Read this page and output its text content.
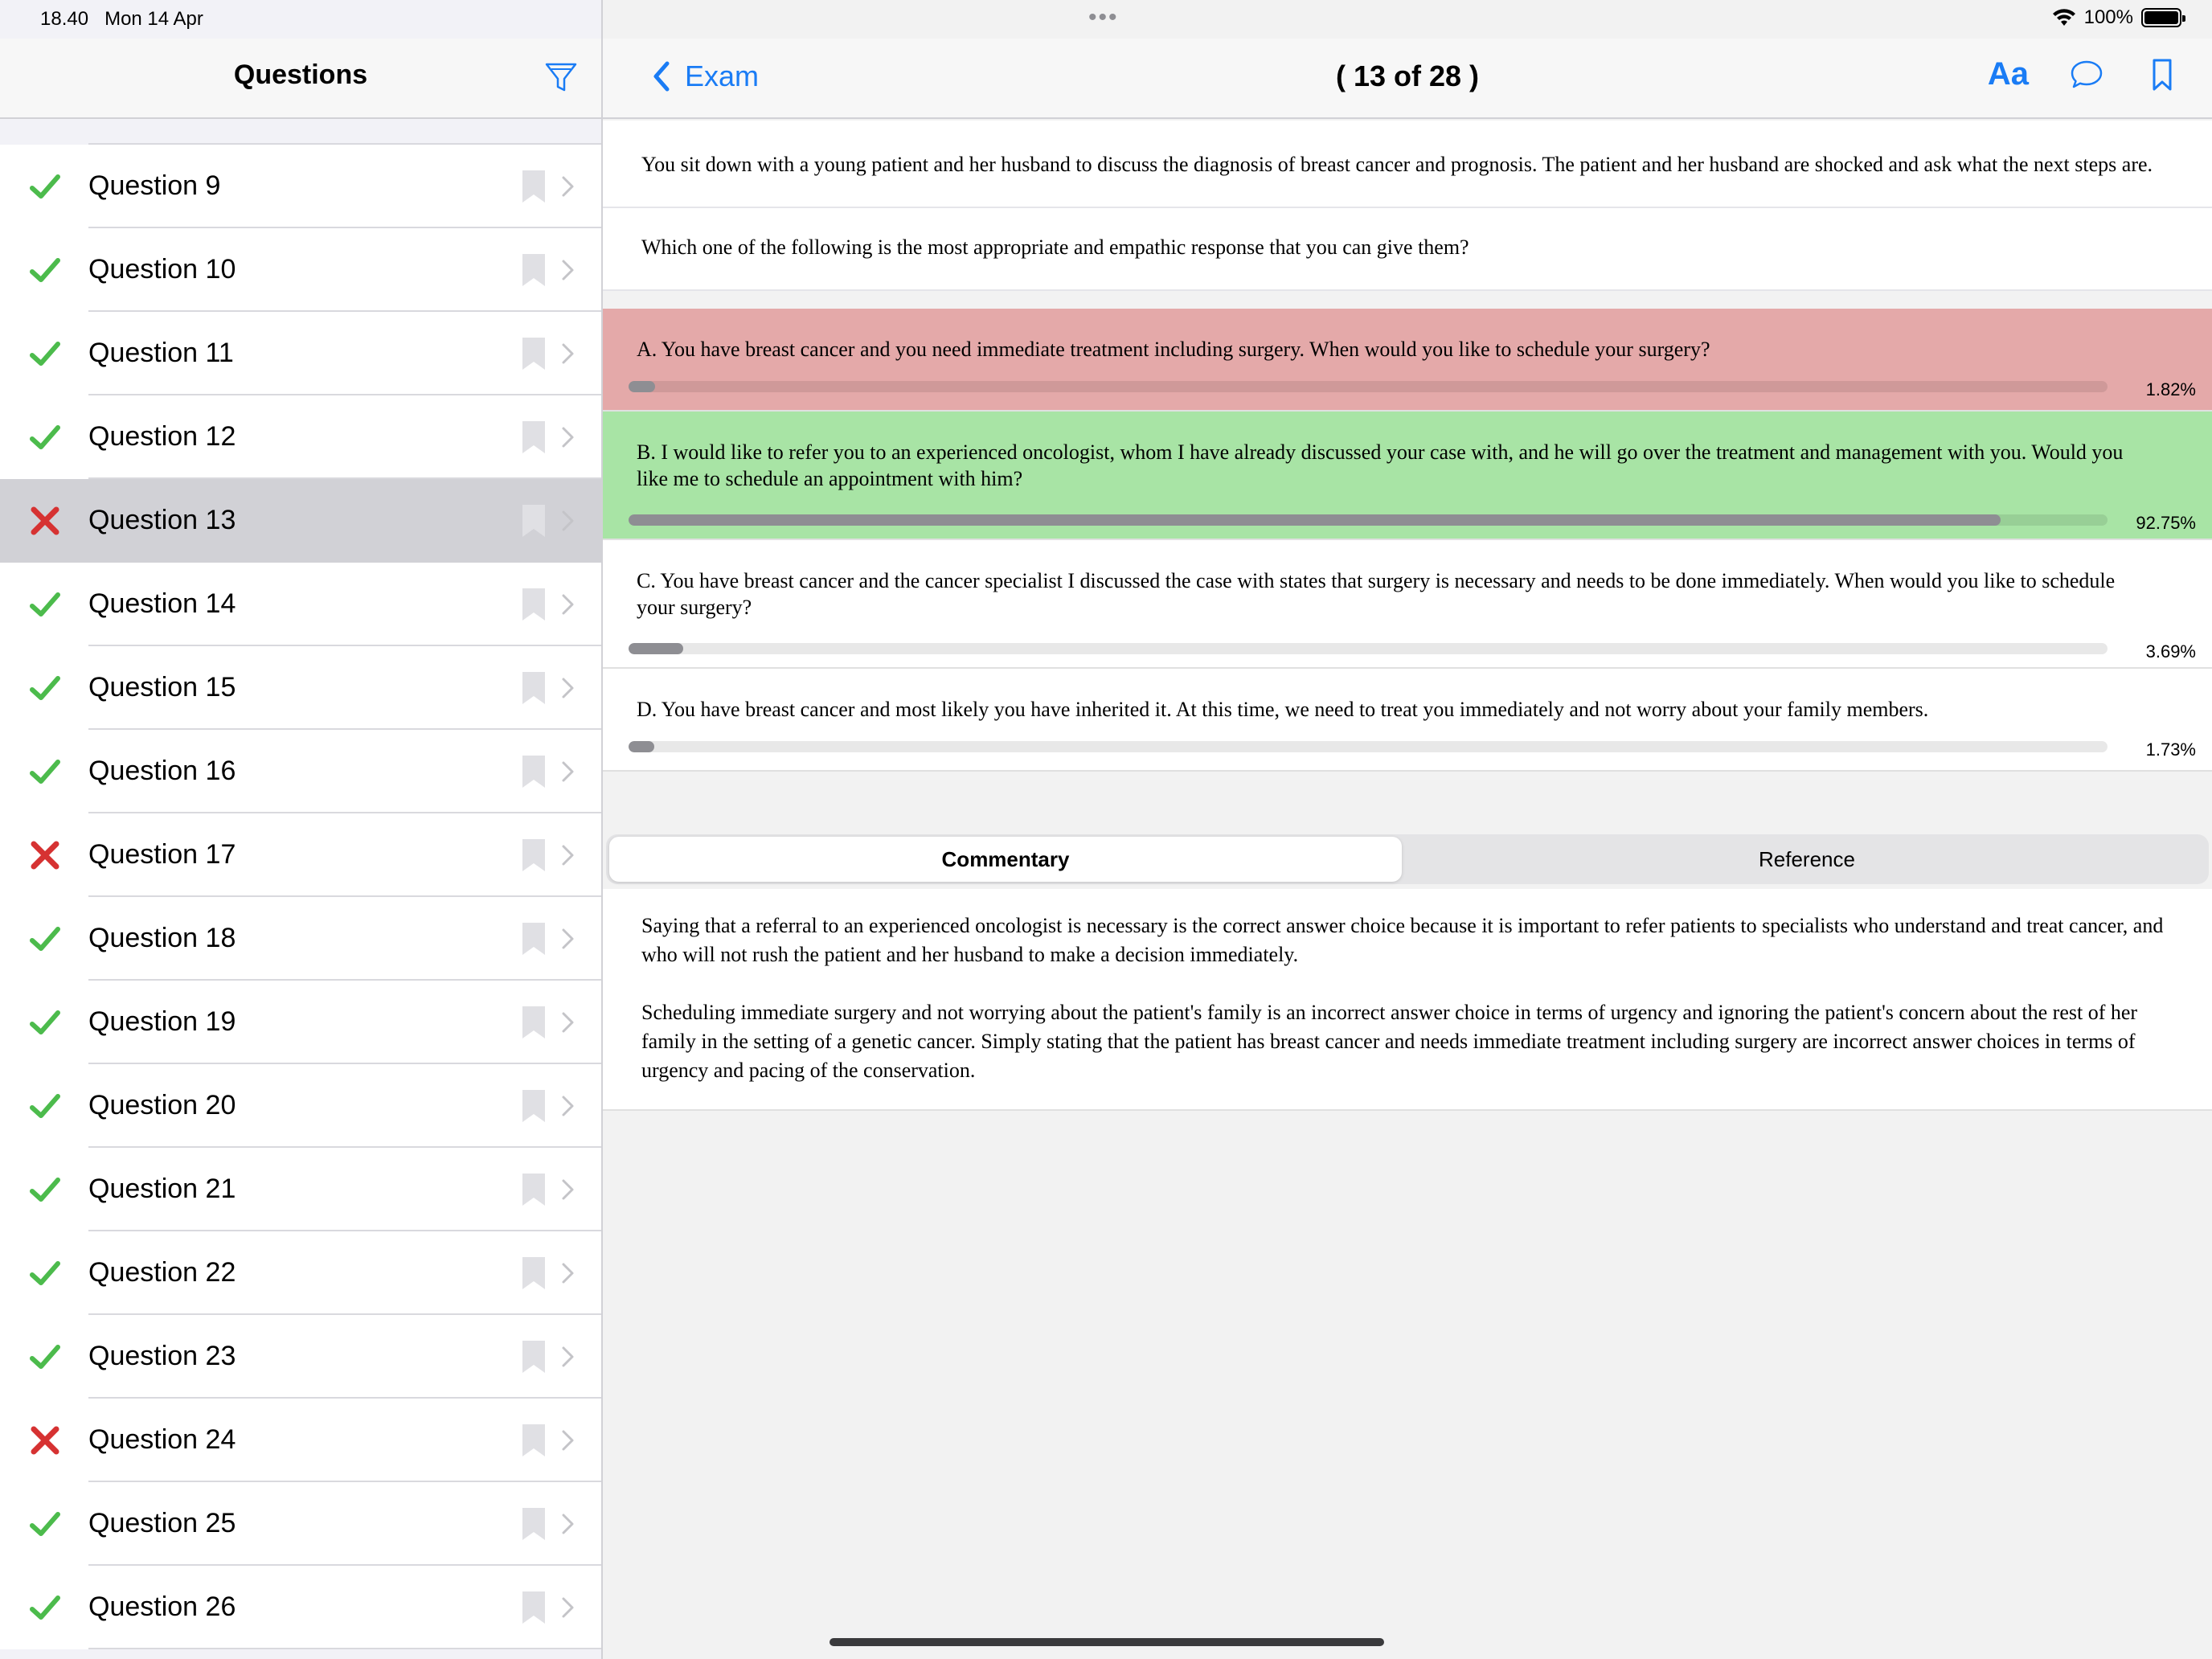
18.40 Mon 14 Apr	•••	100%
Questions
Question 9
Question 10
Question 11
Question 12
Question 13
Question 14
Question 15
Question 16
Question 17
Question 18
Question 19
Question 20
Question 21
Question 22
Question 23
Question 24
Question 25
Question 26
Exam	( 13 of 28 )	Aa
You sit down with a young patient and her husband to discuss the diagnosis of breast cancer and prognosis. The patient and her husband are shocked and ask what the next steps are.
Which one of the following is the most appropriate and empathic response that you can give them?
A. You have breast cancer and you need immediate treatment including surgery. When would you like to schedule your surgery?
1.82%
B. I would like to refer you to an experienced oncologist, whom I have already discussed your case with, and he will go over the treatment and management with you. Would you like me to schedule an appointment with him?
92.75%
C. You have breast cancer and the cancer specialist I discussed the case with states that surgery is necessary and needs to be done immediately. When would you like to schedule your surgery?
3.69%
D. You have breast cancer and most likely you have inherited it. At this time, we need to treat you immediately and not worry about your family members.
1.73%
Commentary	Reference

Saying that a referral to an experienced oncologist is necessary is the correct answer choice because it is important to refer patients to specialists who understand and treat cancer, and who will not rush the patient and her husband to make a decision immediately.

Scheduling immediate surgery and not worrying about the patient's family is an incorrect answer choice in terms of urgency and ignoring the patient's concern about the rest of her family in the setting of a genetic cancer. Simply stating that the patient has breast cancer and needs immediate treatment including surgery are incorrect answer choices in terms of urgency and pacing of the conservation.
